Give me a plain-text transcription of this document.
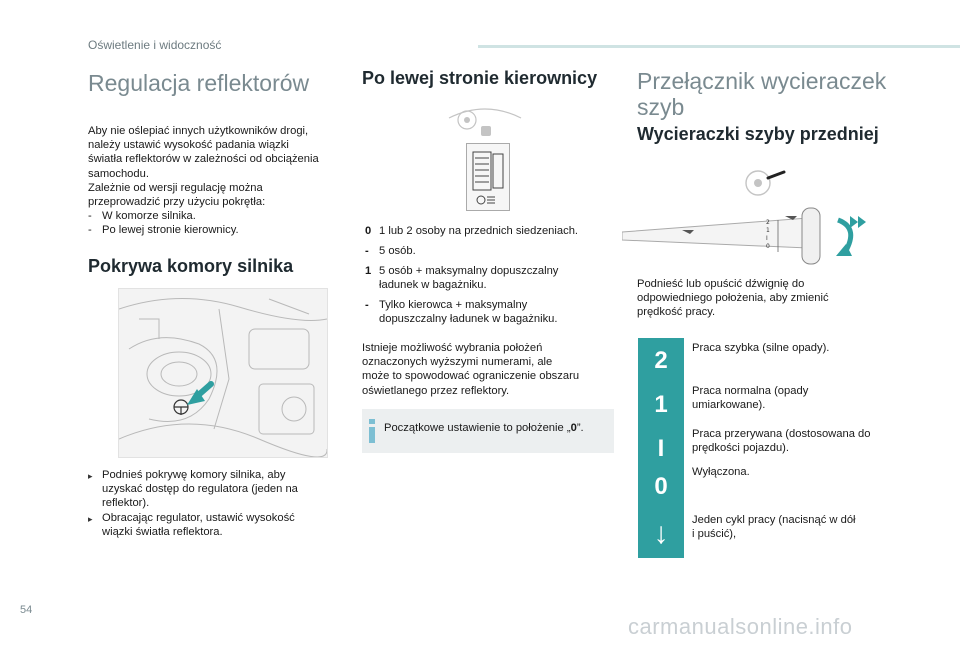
Oświetlenie i widoczność
Regulacja reflektorów

Aby nie oślepiać innych użytkowników drogi,

należy ustawić wysokość padania wiązki

światła reflektorów w zależności od obciążenia

samochodu.

Zależnie od wersji regulację można

przeprowadzić przy użyciu pokrętła:

- W komorze silnika.
- Po lewej stronie kierownicy.
Pokrywa komory silnika
▸ Podnieś pokrywę komory silnika, aby

uzyskać dostęp do regulatora (jeden na

reflektor).

▸ Obracając regulator, ustawić wysokość

wiązki światła reflektora.

Po lewej stronie kierownicy
0 1 lub 2 osoby na przednich siedzeniach.
- 5 osób.
1 5 osób + maksymalny dopuszczalny
ładunek w bagażniku.
- Tylko kierowca + maksymalny
dopuszczalny ładunek w bagażniku.

Istnieje możliwość wybrania położeń

oznaczonych wyższymi numerami, ale

może to spowodować ograniczenie obszaru

oświetlanego przez reflektory.

Początkowe ustawienie to położenie „0”.
Przełącznik wycieraczek
szyb
Wycieraczki szyby przedniej
2
1
I
0

Podnieść lub opuścić dźwignię do

odpowiedniego położenia, aby zmienić

prędkość pracy.

2	Praca szybka (silne opady).
1	Praca normalna (opady
umiarkowane).
I
Praca przerywana (dostosowana do
prędkości pojazdu).
0
Wyłączona.
↓ Jeden cykl pracy (nacisnąć w dół
i puścić),
54
carmanualsonline.info
